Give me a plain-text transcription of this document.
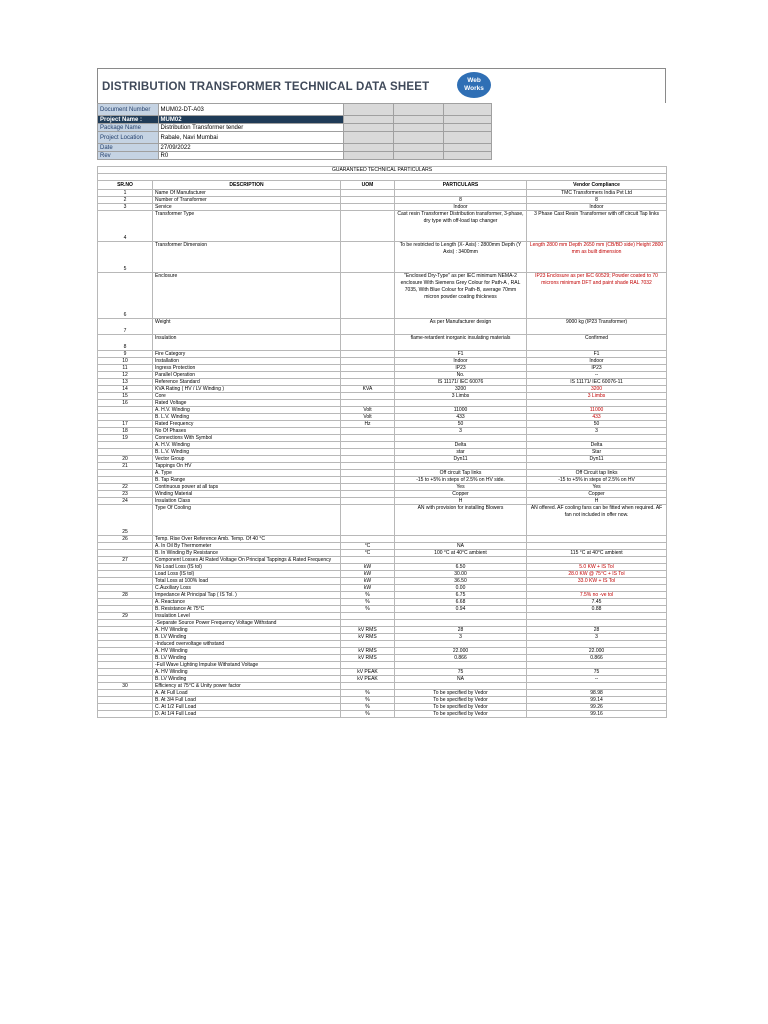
DISTRIBUTION TRANSFORMER TECHNICAL DATA SHEET
Web Works
Document Number	MUM02-DT-A03			
Project Name :	MUM02			
Package Name	Distribution Transformer tender			
Project Location	Rabale, Navi Mumbai			
Date	27/09/2022			
Rev	R0			
GUARANTEED TECHNICAL PARTICULARS				

SR.NO	DESCRIPTION	UOM	PARTICULARS	Vendor Compliance
1	Name Of Manufacturer			TMC Transformers India Pvt Ltd
2	Number of Transformer		8	8
3	Service		Indoor	Indoor
4	Transformer Type		Cast resin Transformer Distribution transformer, 3-phase, dry type with off-load tap changer	3 Phase Cast Resin Transformer with off circuit Tap links
5	Transformer Dimension		To be restricted to Length (X- Axis) : 2800mm Depth (Y Axis) : 3400mm	Length 2800 mm Depth 2650 mm (CB/BD side) Height 2800 mm as built dimension
6	Enclosure		"Enclosed Dry-Type" as per IEC minimum NEMA-2 enclosure With Siemens Grey Colour for Path-A , RAL 7035, With Blue Colour for Path-B, average 70mm micron powder coating thickness	IP23 Enclosure as per IEC 60529; Powder coated to 70 microns minimum DFT and paint shade RAL 7032
7	Weight		As per Manufacturer design	9000 kg (IP23 Transformer)
8	Insulation		flame-retardent inorganic insulating materials	Confirmed
9	Fire Category		F1	F1
10	Installation		Indoor	Indoor
11	Ingress Protection		IP23	IP23
12	Parallel Operation		No.	--
13	Reference Standard		IS 11171/ IEC 60076	IS 11171/ IEC 60076-11
14	KVA Rating ( HV / LV Winding )	KVA	3200	3200
15	Core		3 Limbs	3 Limbs
16	Rated Voltage			
	A. H.V. Winding	Volt	11000	11000
	B. L.V. Winding	Volt	433	433
17	Rated Frequency	Hz	50	50
18	No Of Phases		3	3
19	Connections With Symbol			
	A. H.V. Winding		Delta	Delta
	B. L.V. Winding		star	Star
20	Vector Group		Dyn11	Dyn11
21	Tappings On HV			
	A. Type		Off circuit Tap links	Off Circuit tap links
	B. Tap Range		-15 to +5% in steps of 2.5% on HV side.	-15 to +5% in steps of 2.5% on HV
22	Continuous power at all taps		Yes	Yes
23	Winding Material		Copper	Copper
24	Insulation Class		H	H
25	Type Of Cooling		AN with provision for installing Blowers	AN offered. AF cooling fans can be fitted when required. AF fan not included in offer now.
26	Temp. Rise Over Reference Amb. Temp. Of 40 °C			
	A. In Oil By Thermometer	°C	NA	
	B. In Winding By Resistance	°C	100 °C at 40°C ambient	115 °C at 40°C ambient
27	Component Losses At Rated Voltage On Principal Tappings & Rated Frequency			
	No Load Loss (IS tol)	kW	6.50	5.0 KW + IS Tol
	Load Loss (IS tol)	kW	30.00	28.0 KW @ 75°C + IS Tol
	Total Loss at 100% load	kW	36.50	33.0 KW + IS Tol
	C.Auxiliary Loss	kW	0.00	
28	Impedance At Principal Tap ( IS Tol. )	%	6.75	7.5% no -ve tol
	A. Reactance	%	6.68	7.45
	B. Resistance At 75°C	%	0.94	0.88
29	Insulation Level			
	-Separate Source Power Frequency Voltage Withstand			
	A. HV Winding	kV RMS	28	28
	B. LV Winding	kV RMS	3	3
	-Induced overvoltage withstand			
	A. HV Winding	kV RMS	22.000	22.000
	B. LV Winding	kV RMS	0.866	0.866
	-Full Wave Lighting Impulse Withstand Voltage			
	A. HV Winding	kV PEAK	75	75
	B. LV Winding	kV PEAK	NA	--
30	Efficiency at 75°C & Unity power factor			
	A. At Full Load	%	To be specified by Vedor	98.98
	B. At 3/4 Full Load	%	To be specified by Vedor	99.14
	C. At 1/2 Full Load	%	To be specified by Vedor	99.26
	D. At 1/4 Full Load	%	To be specified by Vedor	99.16
